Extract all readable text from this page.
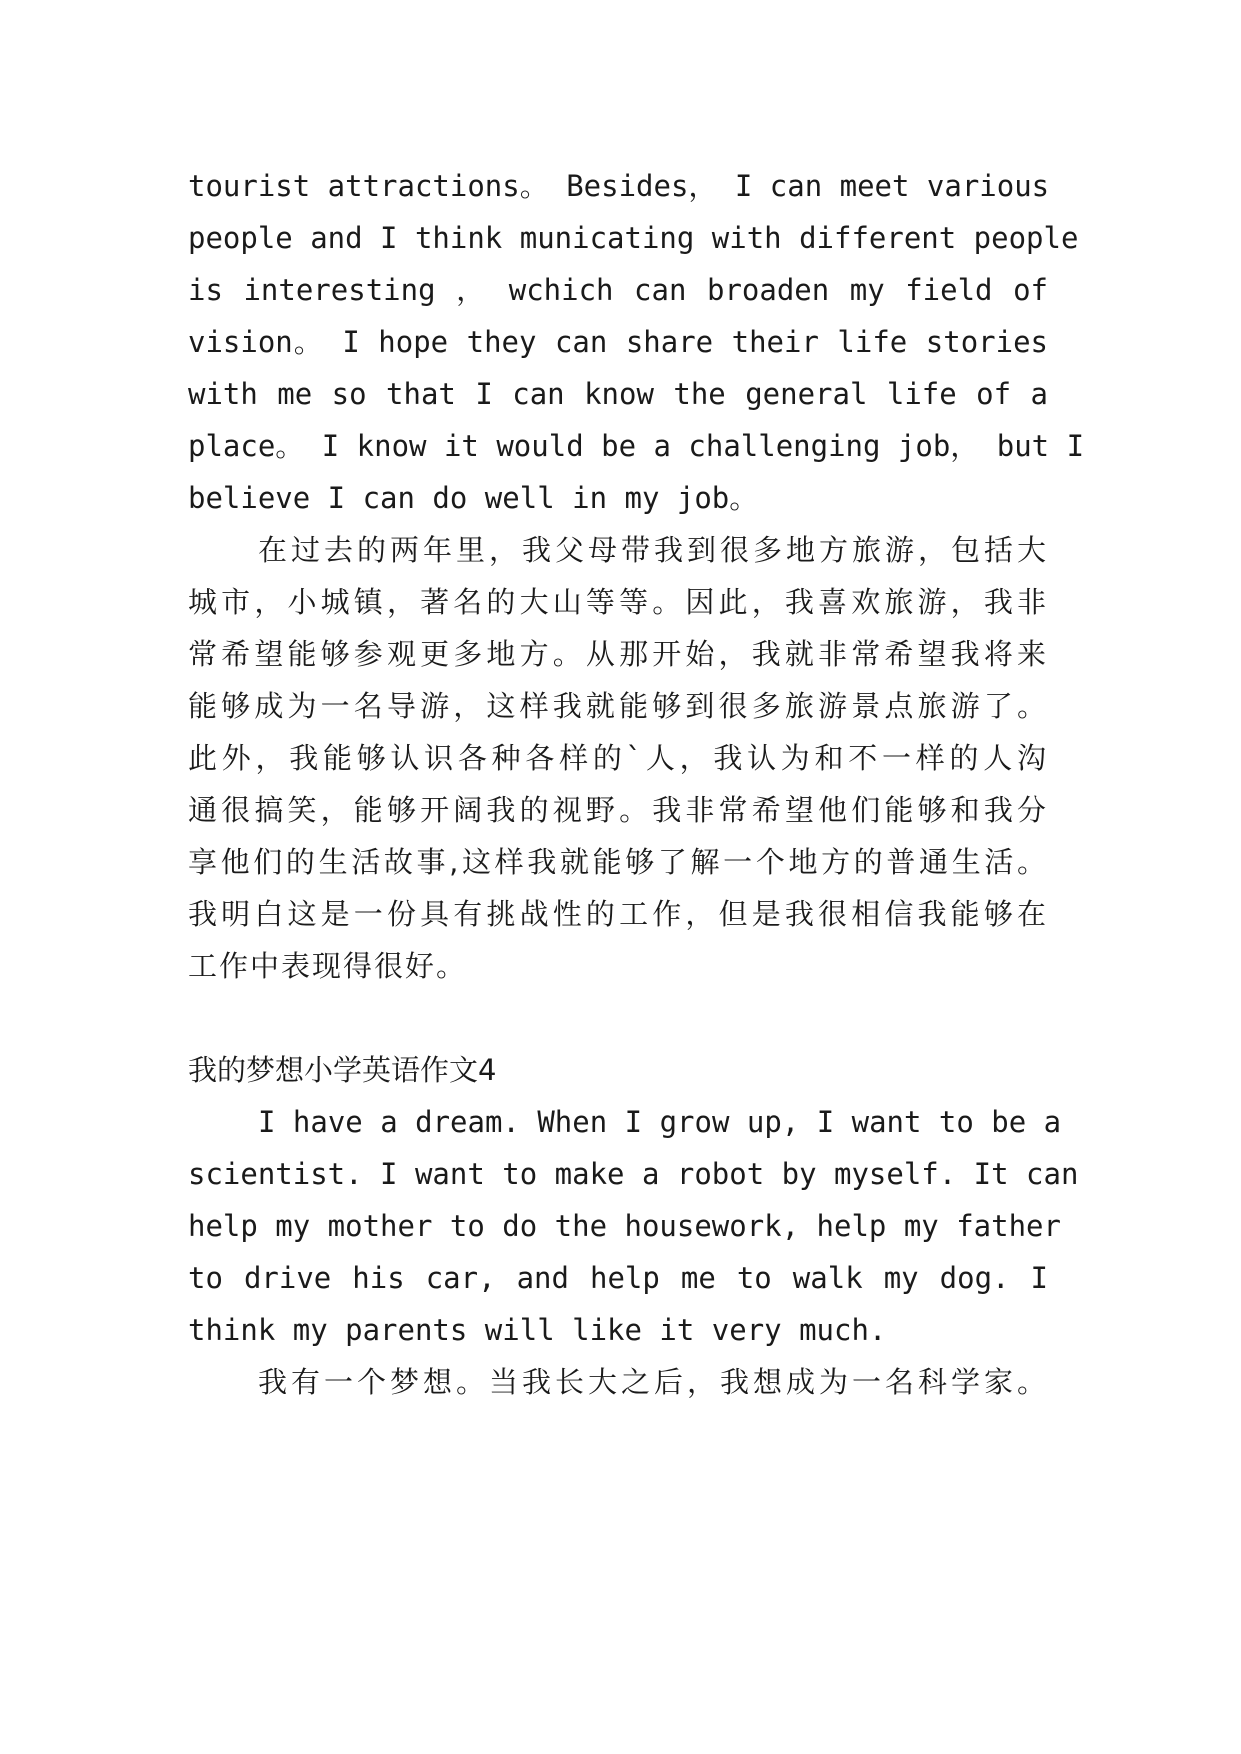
tourist attractions。 Besides， I can meet various
people and I think municating with different people
is interesting ， wchich can broaden my field of
vision。 I hope they can share their life stories
with me so that I can know the general life of a
place。 I know it would be a challenging job， but I
believe I can do well in my job。
在过去的两年里，我父母带我到很多地方旅游，包括大
城市，小城镇，著名的大山等等。因此，我喜欢旅游，我非
常希望能够参观更多地方。从那开始，我就非常希望我将来
能够成为一名导游，这样我就能够到很多旅游景点旅游了。
此外，我能够认识各种各样的`人，我认为和不一样的人沟
通很搞笑，能够开阔我的视野。我非常希望他们能够和我分
享他们的生活故事,这样我就能够了解一个地方的普通生活。
我明白这是一份具有挑战性的工作，但是我很相信我能够在
工作中表现得很好。
我的梦想小学英语作文4
I have a dream. When I grow up, I want to be a
scientist. I want to make a robot by myself. It can
help my mother to do the housework, help my father
to drive his car, and help me to walk my dog. I
think my parents will like it very much.
我有一个梦想。当我长大之后，我想成为一名科学家。
